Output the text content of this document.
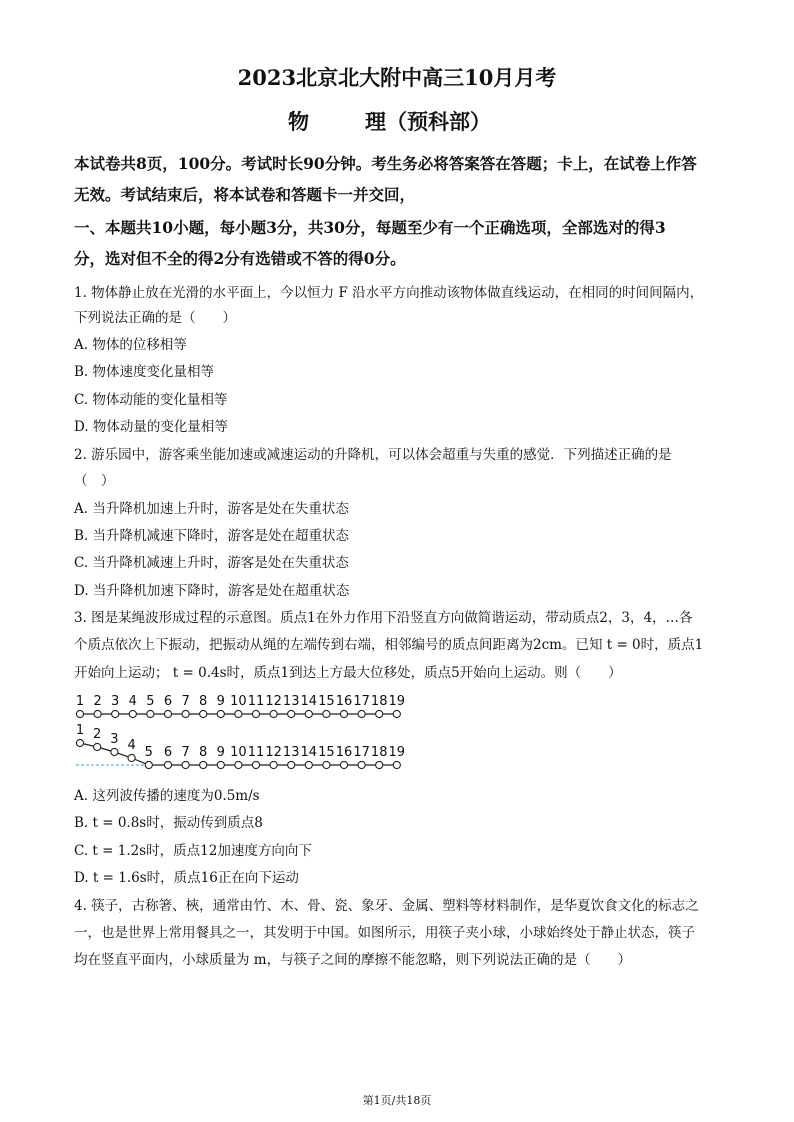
2023北京北大附中高三10月月考
物	理（预科部）
本试卷共8页，100分。考试时长90分钟。考生务必将答案答在答题；卡上，在试卷上作答
无效。考试结束后，将本试卷和答题卡一并交回，
一、本题共10小题，每小题3分，共30分，每题至少有一个正确选项，全部选对的得3
分，选对但不全的得2分有选错或不答的得0分。
1. 物体静止放在光滑的水平面上，今以恒力 F 沿水平方向推动该物体做直线运动，在相同的时间间隔内，
下列说法正确的是（　　）
A. 物体的位移相等
B. 物体速度变化量相等
C. 物体动能的变化量相等
D. 物体动量的变化量相等
2. 游乐园中，游客乘坐能加速或减速运动的升降机，可以体会超重与失重的感觉．下列描述正确的是
（　）
A. 当升降机加速上升时，游客是处在失重状态
B. 当升降机减速下降时，游客是处在超重状态
C. 当升降机减速上升时，游客是处在失重状态
D. 当升降机加速下降时，游客是处在超重状态
3. 图是某绳波形成过程的示意图。质点1在外力作用下沿竖直方向做简谐运动，带动质点2，3，4，…各
个质点依次上下振动，把振动从绳的左端传到右端，相邻编号的质点间距离为2cm。已知 t = 0时，质点1
开始向上运动； t = 0.4s时，质点1到达上方最大位移处，质点5开始向上运动。则（　　）
1 2 3 4 5 6 7 8 9 10 11 12 13 14 15 16 17 18 19
1 2 3 4 5 6 7 8 9 10 11 12 13 14 15 16 17 18 19
A. 这列波传播的速度为0.5m/s
B. t = 0.8s时，振动传到质点8
C. t = 1.2s时，质点12加速度方向向下
D. t = 1.6s时，质点16正在向下运动
4. 筷子，古称箸、梜，通常由竹、木、骨、瓷、象牙、金属、塑料等材料制作，是华夏饮食文化的标志之
一，也是世界上常用餐具之一，其发明于中国。如图所示，用筷子夹小球，小球始终处于静止状态，筷子
均在竖直平面内，小球质量为 m，与筷子之间的摩擦不能忽略，则下列说法正确的是（　　）
第1页/共18页
